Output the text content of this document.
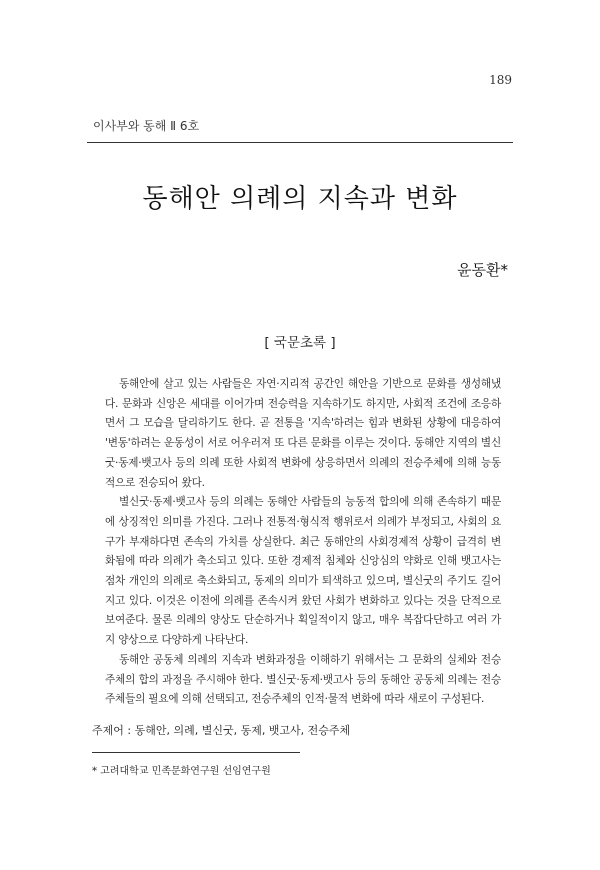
189
이사부와 동해 Ⅱ 6호
동해안 의례의 지속과 변화
윤동환*
[ 국문초록 ]

동해안에 살고 있는 사람들은 자연·지리적 공간인 해안을 기반으로 문화를 생성해냈다. 문화과 신앙은 세대를 이어가며 전승력을 지속하기도 하지만, 사회적 조건에 조응하면서 그 모습을 달리하기도 한다. 곧 전통을 '지속'하려는 힘과 변화된 상황에 대응하여 '변동'하려는 운동성이 서로 어우러져 또 다른 문화를 이루는 것이다. 동해안 지역의 별신굿·동제·뱃고사 등의 의례 또한 사회적 변화에 상응하면서 의례의 전승주체에 의해 능동적으로 전승되어 왔다.

별신굿·동제·뱃고사 등의 의례는 동해안 사람들의 능동적 합의에 의해 존속하기 때문에 상징적인 의미를 가진다. 그러나 전통적·형식적 행위로서 의례가 부정되고, 사회의 요구가 부재하다면 존속의 가치를 상실한다. 최근 동해안의 사회경제적 상황이 급격히 변화됨에 따라 의례가 축소되고 있다. 또한 경제적 침체와 신앙심의 약화로 인해 뱃고사는 점차 개인의 의례로 축소화되고, 동제의 의미가 퇴색하고 있으며, 별신굿의 주기도 길어지고 있다. 이것은 이전에 의례를 존속시켜 왔던 사회가 변화하고 있다는 것을 단적으로 보여준다. 물론 의례의 양상도 단순하거나 획일적이지 않고, 매우 복잡다단하고 여러 가지 양상으로 다양하게 나타난다.

동해안 공동체 의례의 지속과 변화과정을 이해하기 위해서는 그 문화의 실체와 전승주체의 합의 과정을 주시해야 한다. 별신굿·동제·뱃고사 등의 동해안 공동체 의례는 전승주체들의 필요에 의해 선택되고, 전승주체의 인적·물적 변화에 따라 새로이 구성된다.

주제어 : 동해안, 의례, 별신굿, 동제, 뱃고사, 전승주체
* 고려대학교 민족문화연구원 선임연구원
